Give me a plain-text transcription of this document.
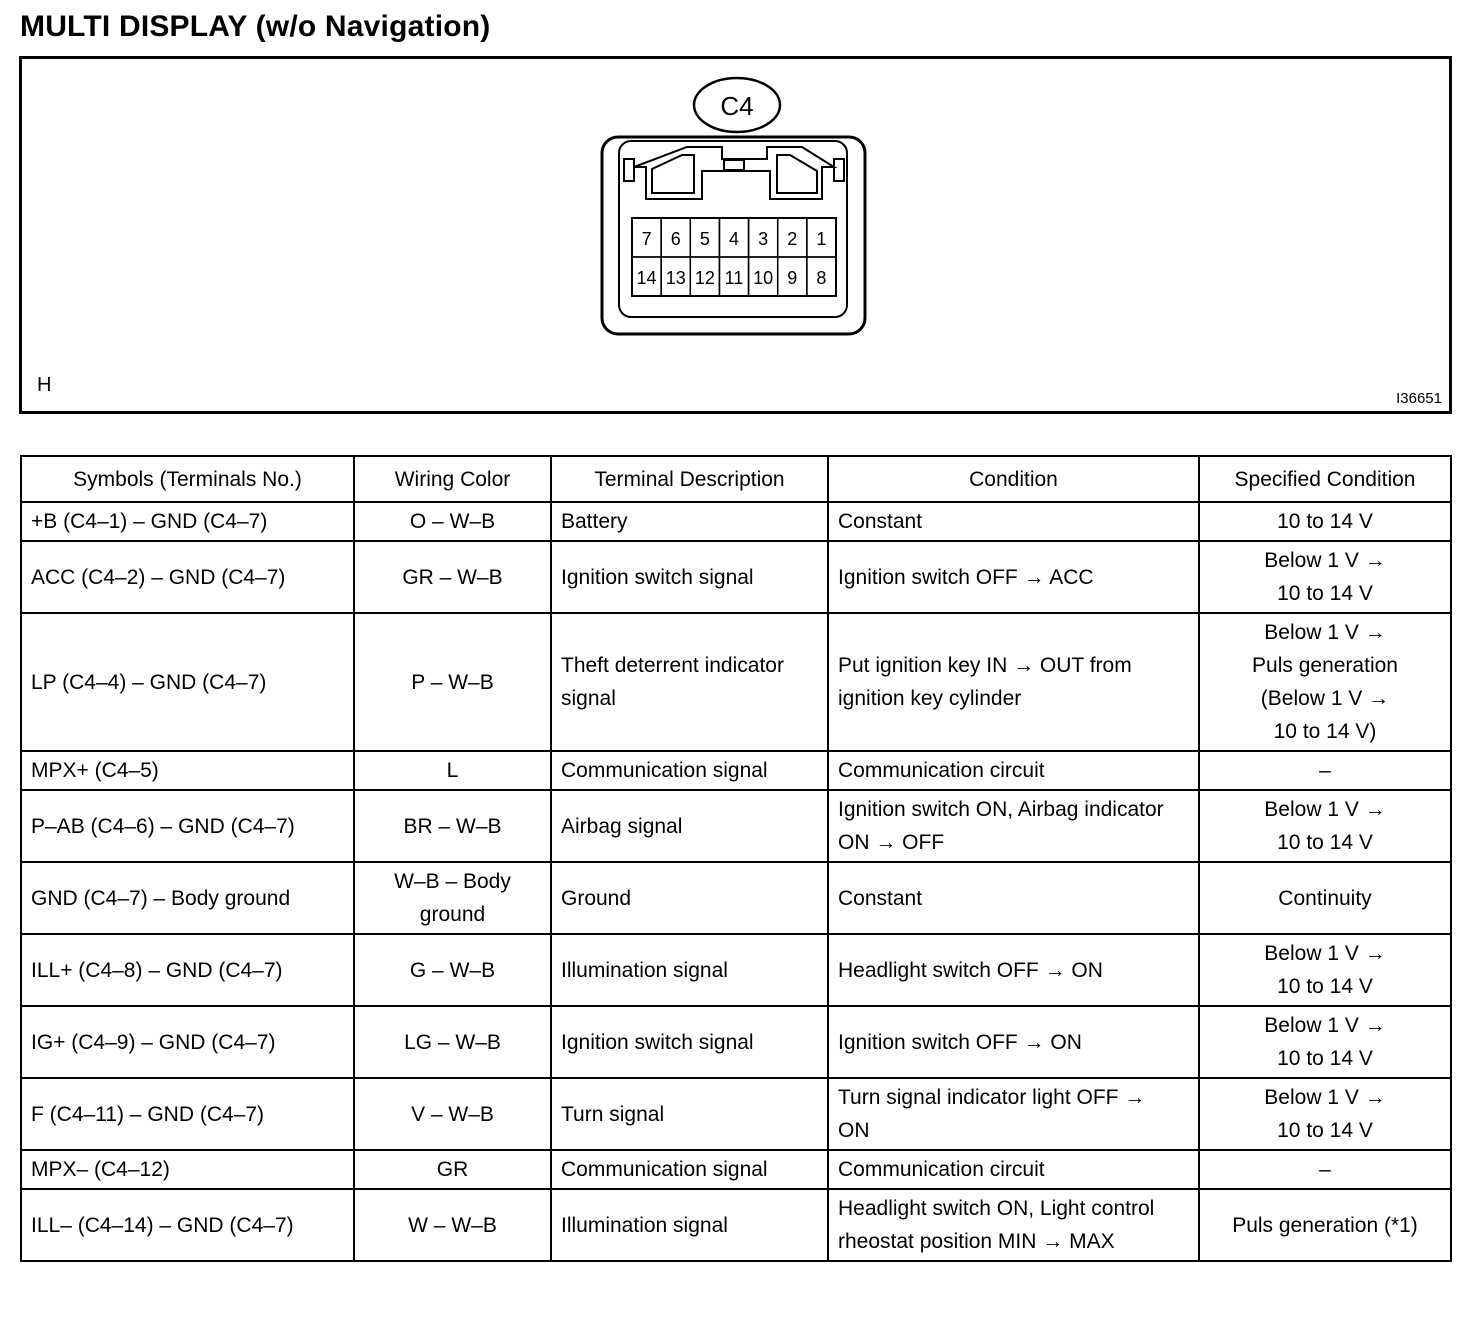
MULTI DISPLAY (w/o Navigation)
C4
7 6 5 4 3 2 1
14 13 12 11 10 9 8
H
I36651
Symbols (Terminals No.)	Wiring Color	Terminal Description	Condition	Specified Condition
+B (C4–1) – GND (C4–7)	O – W–B	Battery	Constant	10 to 14 V
ACC (C4–2) – GND (C4–7)	GR – W–B	Ignition switch signal	Ignition switch OFF → ACC	Below 1 V →
10 to 14 V
LP (C4–4) – GND (C4–7)	P – W–B	Theft deterrent indicator
signal	Put ignition key IN → OUT from
ignition key cylinder	Below 1 V →
Puls generation
(Below 1 V →
10 to 14 V)
MPX+ (C4–5)	L	Communication signal	Communication circuit	–
P–AB (C4–6) – GND (C4–7)	BR – W–B	Airbag signal	Ignition switch ON, Airbag indicator
ON → OFF	Below 1 V →
10 to 14 V
GND (C4–7) – Body ground	W–B – Body
ground	Ground	Constant	Continuity
ILL+ (C4–8) – GND (C4–7)	G – W–B	Illumination signal	Headlight switch OFF → ON	Below 1 V →
10 to 14 V
IG+ (C4–9) – GND (C4–7)	LG – W–B	Ignition switch signal	Ignition switch OFF → ON	Below 1 V →
10 to 14 V
F (C4–11) – GND (C4–7)	V – W–B	Turn signal	Turn signal indicator light OFF →
ON	Below 1 V →
10 to 14 V
MPX– (C4–12)	GR	Communication signal	Communication circuit	–
ILL– (C4–14) – GND (C4–7)	W – W–B	Illumination signal	Headlight switch ON, Light control
rheostat position MIN → MAX	Puls generation (*1)
